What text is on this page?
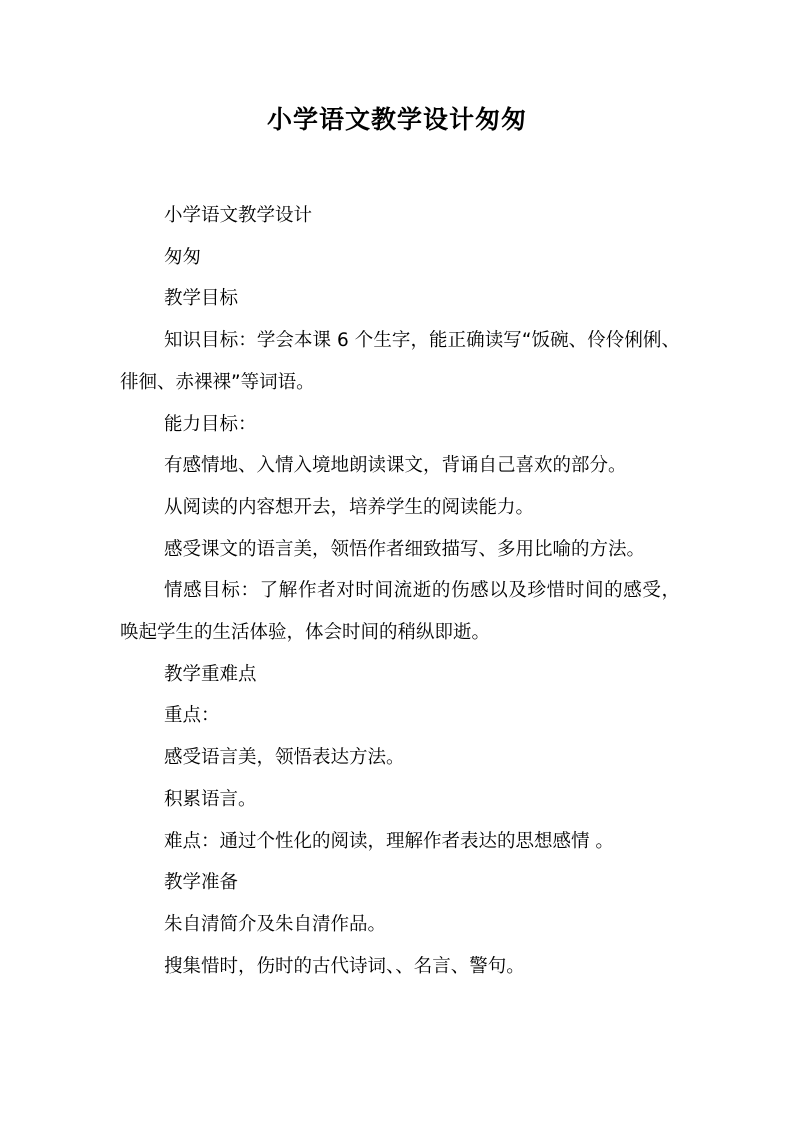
小学语文教学设计匆匆

小学语文教学设计

匆匆

教学目标

知识目标：学会本课 6 个生字，能正确读写“饭碗、伶伶俐俐、徘徊、赤裸裸”等词语。

能力目标：

有感情地、入情入境地朗读课文，背诵自己喜欢的部分。

从阅读的内容想开去，培养学生的阅读能力。

感受课文的语言美，领悟作者细致描写、多用比喻的方法。

情感目标：了解作者对时间流逝的伤感以及珍惜时间的感受，唤起学生的生活体验，体会时间的稍纵即逝。

教学重难点

重点：

感受语言美，领悟表达方法。

积累语言。

难点：通过个性化的阅读，理解作者表达的思想感情 。

教学准备

朱自清简介及朱自清作品。

搜集惜时，伤时的古代诗词、、名言、警句。
